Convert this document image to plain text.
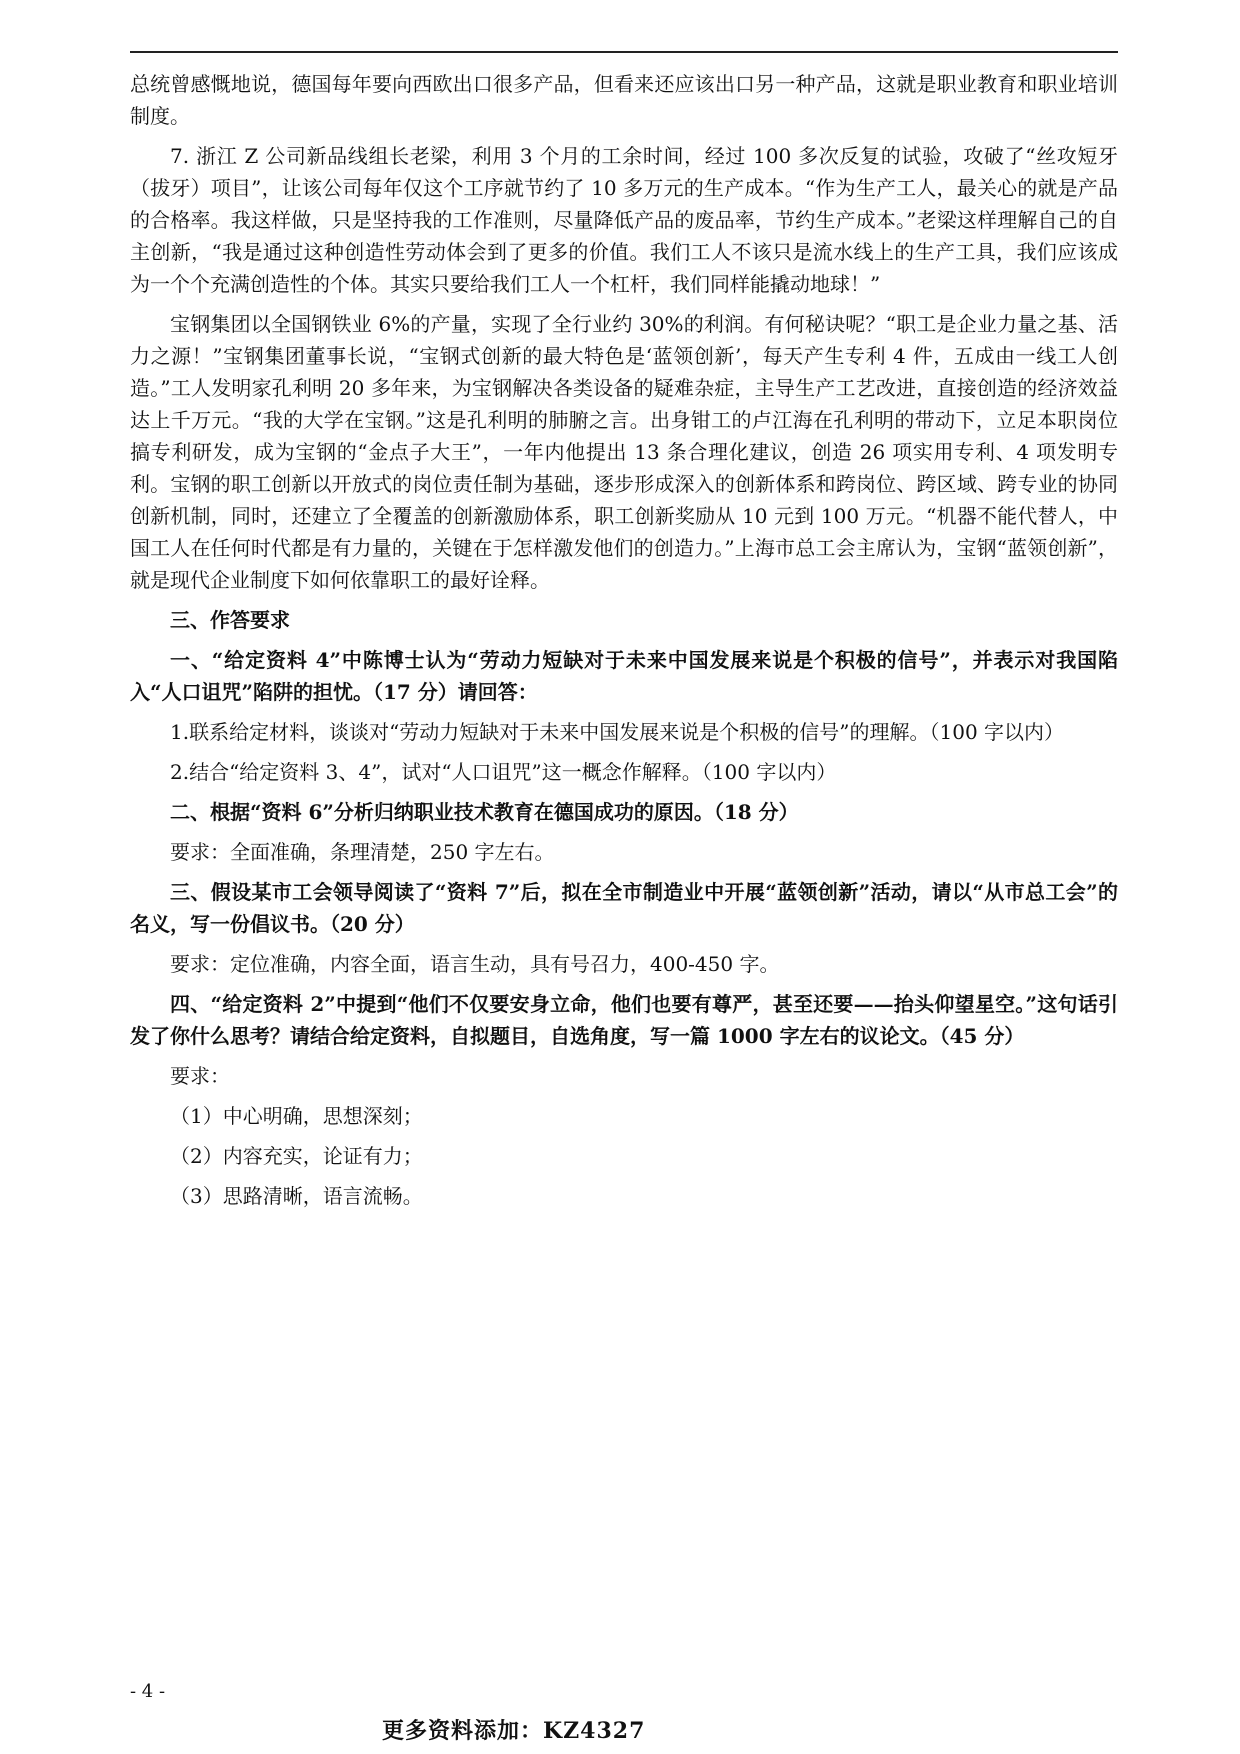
总统曾感慨地说，德国每年要向西欧出口很多产品，但看来还应该出口另一种产品，这就是职业教育和职业培训制度。

7. 浙江 Z 公司新品线组长老梁，利用 3 个月的工余时间，经过 100 多次反复的试验，攻破了“丝攻短牙（拔牙）项目”，让该公司每年仅这个工序就节约了 10 多万元的生产成本。“作为生产工人，最关心的就是产品的合格率。我这样做，只是坚持我的工作准则，尽量降低产品的废品率，节约生产成本。”老梁这样理解自己的自主创新，“我是通过这种创造性劳动体会到了更多的价值。我们工人不该只是流水线上的生产工具，我们应该成为一个个充满创造性的个体。其实只要给我们工人一个杠杆，我们同样能撬动地球！”

宝钢集团以全国钢铁业 6%的产量，实现了全行业约 30%的利润。有何秘诀呢？“职工是企业力量之基、活力之源！”宝钢集团董事长说，“宝钢式创新的最大特色是‘蓝领创新’，每天产生专利 4 件，五成由一线工人创造。”工人发明家孔利明 20 多年来，为宝钢解决各类设备的疑难杂症，主导生产工艺改进，直接创造的经济效益达上千万元。“我的大学在宝钢。”这是孔利明的肺腑之言。出身钳工的卢江海在孔利明的带动下，立足本职岗位搞专利研发，成为宝钢的“金点子大王”，一年内他提出 13 条合理化建议，创造 26 项实用专利、4 项发明专利。宝钢的职工创新以开放式的岗位责任制为基础，逐步形成深入的创新体系和跨岗位、跨区域、跨专业的协同创新机制，同时，还建立了全覆盖的创新激励体系，职工创新奖励从 10 元到 100 万元。“机器不能代替人，中国工人在任何时代都是有力量的，关键在于怎样激发他们的创造力。”上海市总工会主席认为，宝钢“蓝领创新”，就是现代企业制度下如何依靠职工的最好诠释。

三、作答要求

一、“给定资料 4”中陈博士认为“劳动力短缺对于未来中国发展来说是个积极的信号”，并表示对我国陷入“人口诅咒”陷阱的担忧。（17 分）请回答：

1.联系给定材料，谈谈对“劳动力短缺对于未来中国发展来说是个积极的信号”的理解。（100 字以内）

2.结合“给定资料 3、4”，试对“人口诅咒”这一概念作解释。（100 字以内）

二、根据“资料 6”分析归纳职业技术教育在德国成功的原因。（18 分）

要求：全面准确，条理清楚，250 字左右。

三、假设某市工会领导阅读了“资料 7”后，拟在全市制造业中开展“蓝领创新”活动，请以“从市总工会”的名义，写一份倡议书。（20 分）

要求：定位准确，内容全面，语言生动，具有号召力，400-450 字。

四、“给定资料 2”中提到“他们不仅要安身立命，他们也要有尊严，甚至还要——抬头仰望星空。”这句话引发了你什么思考？请结合给定资料，自拟题目，自选角度，写一篇 1000 字左右的议论文。（45 分）

要求：

（1）中心明确，思想深刻；

（2）内容充实，论证有力；

（3）思路清晰，语言流畅。

- 4 -
更多资料添加：KZ4327
